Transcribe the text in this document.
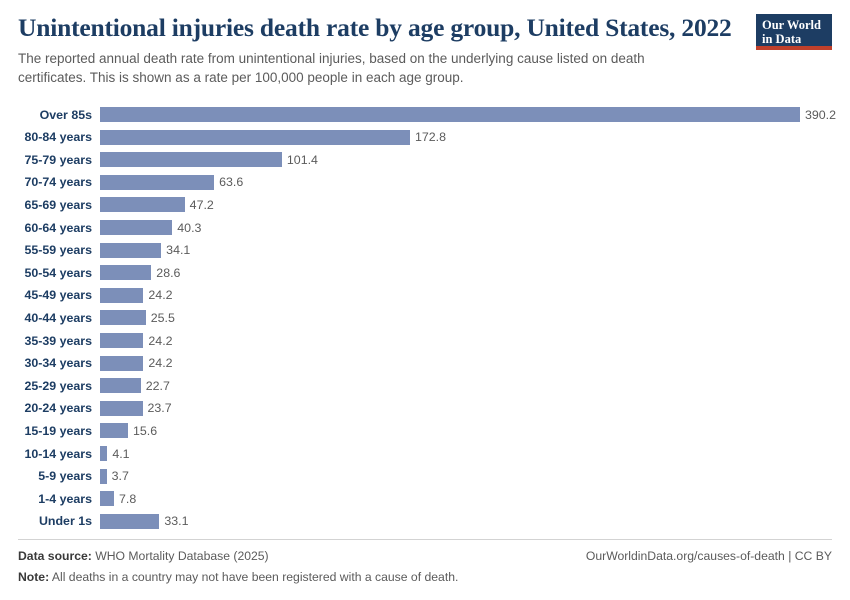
Unintentional injuries death rate by age group, United States, 2022
The reported annual death rate from unintentional injuries, based on the underlying cause listed on death certificates. This is shown as a rate per 100,000 people in each age group.
Our World
in Data
Over 85s	390.2
80-84 years	172.8
75-79 years	101.4
70-74 years	63.6
65-69 years	47.2
60-64 years	40.3
55-59 years	34.1
50-54 years	28.6
45-49 years	24.2
40-44 years	25.5
35-39 years	24.2
30-34 years	24.2
25-29 years	22.7
20-24 years	23.7
15-19 years	15.6
10-14 years	4.1
5-9 years	3.7
1-4 years	7.8
Under 1s	33.1
Data source: WHO Mortality Database (2025)	OurWorldinData.org/causes-of-death | CC BY
Note: All deaths in a country may not have been registered with a cause of death.
